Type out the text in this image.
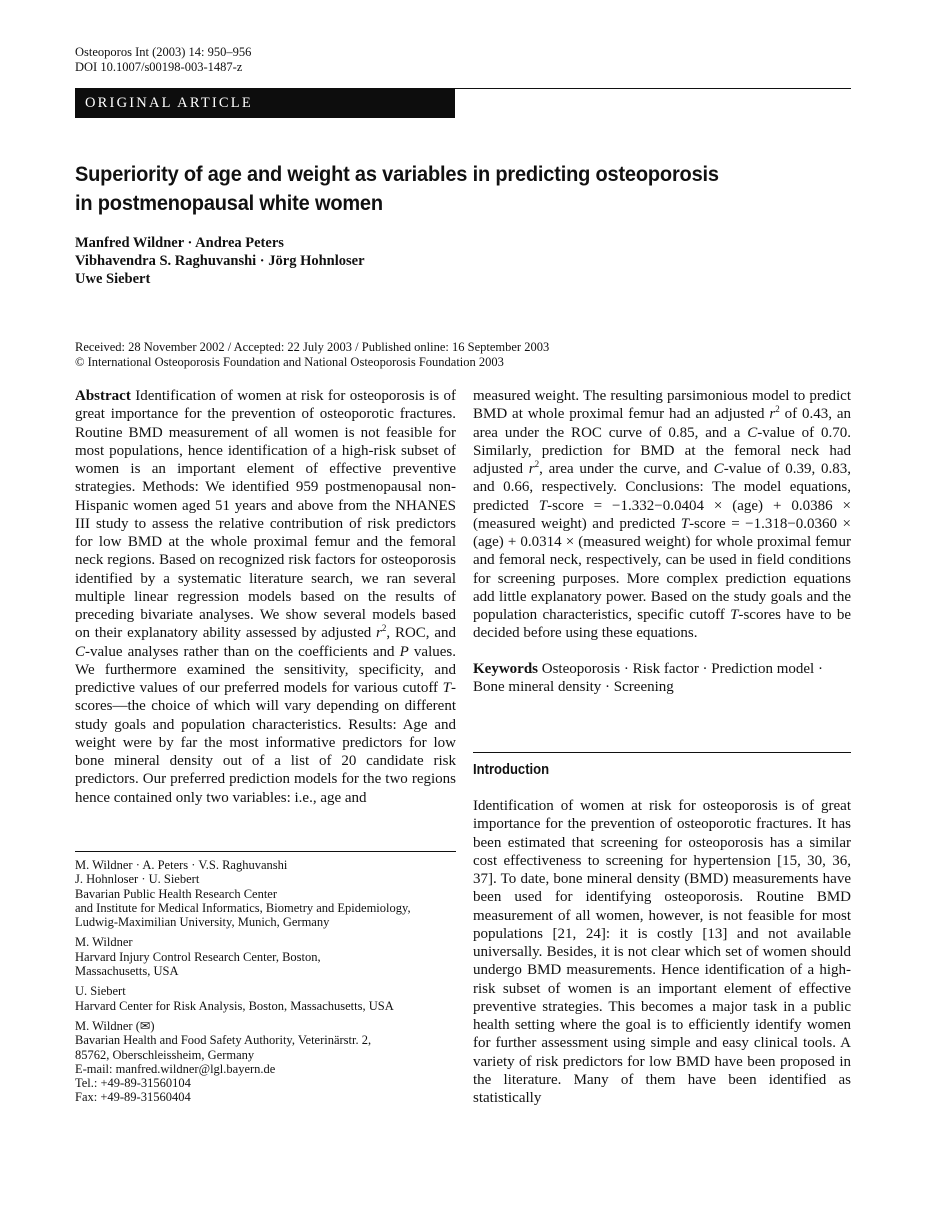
Osteoporos Int (2003) 14: 950–956
DOI 10.1007/s00198-003-1487-z
ORIGINAL ARTICLE
Superiority of age and weight as variables in predicting osteoporosis
in postmenopausal white women
Manfred Wildner · Andrea Peters
Vibhavendra S. Raghuvanshi · Jörg Hohnloser
Uwe Siebert
Received: 28 November 2002 / Accepted: 22 July 2003 / Published online: 16 September 2003
© International Osteoporosis Foundation and National Osteoporosis Foundation 2003

Abstract Identification of women at risk for osteoporosis is of great importance for the prevention of osteoporotic fractures. Routine BMD measurement of all women is not feasible for most populations, hence identification of a high-risk subset of women is an important element of effective preventive strategies. Methods: We identified 959 postmenopausal non-Hispanic women aged 51 years and above from the NHANES III study to assess the relative contribution of risk predictors for low BMD at the whole proximal femur and the femoral neck regions. Based on recognized risk factors for osteoporosis identified by a systematic literature search, we ran several multiple linear regression models based on the results of preceding bivariate analyses. We show several models based on their explanatory ability assessed by adjusted $r^2$, ROC, and C-value analyses rather than on the coefficients and P values. We furthermore examined the sensitivity, specificity, and predictive values of our preferred models for various cutoff T-scores—the choice of which will vary depending on different study goals and population characteristics. Results: Age and weight were by far the most informative predictors for low bone mineral density out of a list of 20 candidate risk predictors. Our preferred prediction models for the two regions hence contained only two variables: i.e., age and

M. Wildner · A. Peters · V.S. Raghuvanshi
J. Hohnloser · U. Siebert
Bavarian Public Health Research Center
and Institute for Medical Informatics, Biometry and Epidemiology,
Ludwig-Maximilian University, Munich, Germany

M. Wildner
Harvard Injury Control Research Center, Boston,
Massachusetts, USA

U. Siebert
Harvard Center for Risk Analysis, Boston, Massachusetts, USA

M. Wildner (✉)
Bavarian Health and Food Safety Authority, Veterinärstr. 2,
85762, Oberschleissheim, Germany
E-mail: manfred.wildner@lgl.bayern.de
Tel.: +49-89-31560104
Fax: +49-89-31560404

measured weight. The resulting parsimonious model to predict BMD at whole proximal femur had an adjusted $r^2$ of 0.43, an area under the ROC curve of 0.85, and a C-value of 0.70. Similarly, prediction for BMD at the femoral neck had adjusted $r^2$, area under the curve, and C-value of 0.39, 0.83, and 0.66, respectively. Conclusions: The model equations, predicted T-score = −1.332−0.0404 × (age) + 0.0386 × (measured weight) and predicted T-score = −1.318−0.0360 × (age) + 0.0314 × (measured weight) for whole proximal femur and femoral neck, respectively, can be used in field conditions for screening purposes. More complex prediction equations add little explanatory power. Based on the study goals and the population characteristics, specific cutoff T-scores have to be decided before using these equations.

Keywords Osteoporosis · Risk factor · Prediction model · Bone mineral density · Screening

Introduction

Identification of women at risk for osteoporosis is of great importance for the prevention of osteoporotic fractures. It has been estimated that screening for osteoporosis has a similar cost effectiveness to screening for hypertension [15, 30, 36, 37]. To date, bone mineral density (BMD) measurements have been used for identifying osteoporosis. Routine BMD measurement of all women, however, is not feasible for most populations [21, 24]: it is costly [13] and not available universally. Besides, it is not clear which set of women should undergo BMD measurements. Hence identification of a high-risk subset of women is an important element of effective preventive strategies. This becomes a major task in a public health setting where the goal is to efficiently identify women for further assessment using simple and easy clinical tools. A variety of risk predictors for low BMD have been proposed in the literature. Many of them have been identified as statistically
